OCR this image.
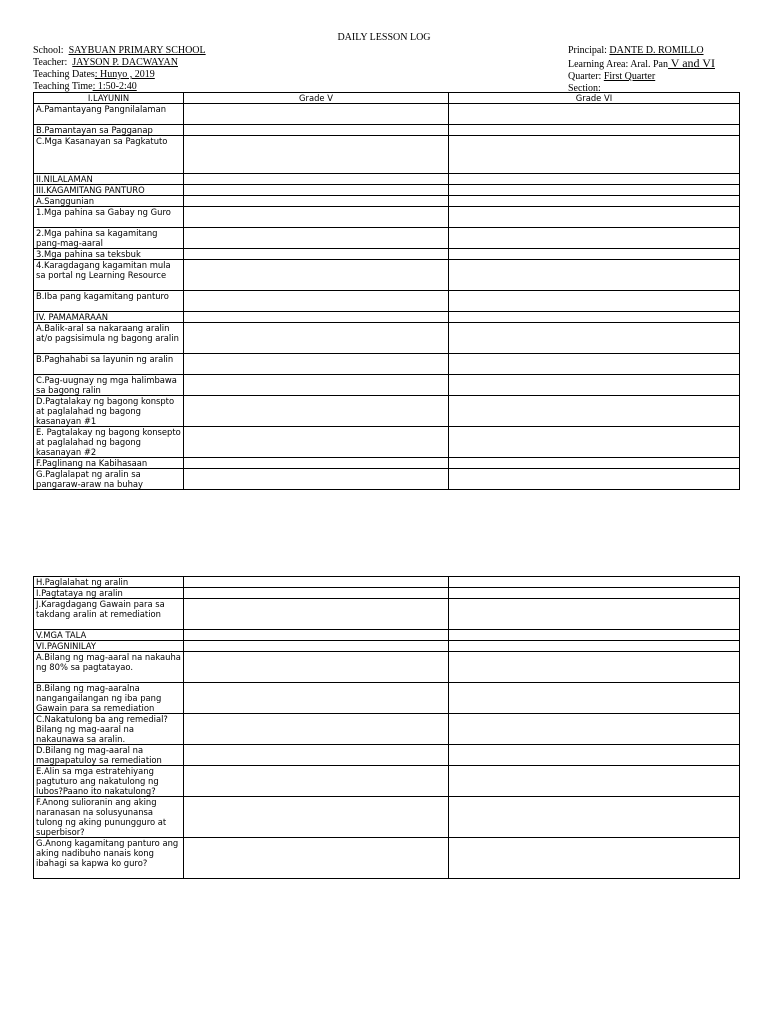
DAILY LESSON LOG
School: SAYBUAN PRIMARY SCHOOL
Teacher: JAYSON P. DACWAYAN
Teaching Dates: Hunyo , 2019
Teaching Time: 1:50-2:40
Principal: DANTE D. ROMILLO
Learning Area: Aral. Pan V and VI
Quarter: First Quarter
Section: _________
I.LAYUNIN	Grade V	Grade VI
A.Pamantayang Pangnilalaman		
B.Pamantayan sa Pagganap		
C.Mga Kasanayan sa Pagkatuto		
II.NILALAMAN		
III.KAGAMITANG PANTURO		
A.Sanggunian		
1.Mga pahina sa Gabay ng Guro		
2.Mga pahina sa kagamitang pang-mag-aaral		
3.Mga pahina sa teksbuk		
4.Karagdagang kagamitan mula sa portal ng Learning Resource		
B.Iba pang kagamitang panturo		
IV. PAMAMARAAN		
A.Balik-aral sa nakaraang aralin at/o pagsisimula ng bagong aralin		
B.Paghahabi sa layunin ng aralin		
C.Pag-uugnay ng mga halimbawa sa bagong ralin		
D.Pagtalakay ng bagong konspto at paglalahad ng bagong kasanayan #1		
E. Pagtalakay ng bagong konsepto at paglalahad ng bagong kasanayan #2		
F.Paglinang na Kabihasaan		
G.Paglalapat ng aralin sa pangaraw-araw na buhay		
H.Paglalahat ng aralin		
I.Pagtataya ng aralin		
J.Karagdagang Gawain para sa takdang aralin at remediation		
V.MGA TALA		
VI.PAGNINILAY		
A.Bilang ng mag-aaral na nakauha ng 80% sa pagtatayao.		
B.Bilang ng mag-aaralna nangangailangan ng iba pang Gawain para sa remediation		
C.Nakatulong ba ang remedial? Bilang ng mag-aaral na nakaunawa sa aralin.		
D.Bilang ng mag-aaral na magpapatuloy sa remediation		
E.Alin sa mga estratehiyang pagtuturo ang nakatulong ng lubos?Paano ito nakatulong?		
F.Anong sulioranin ang aking naranasan na solusyunansa tulong ng aking punungguro at superbisor?		
G.Anong kagamitang panturo ang aking nadibuho nanais kong ibahagi sa kapwa ko guro?		
